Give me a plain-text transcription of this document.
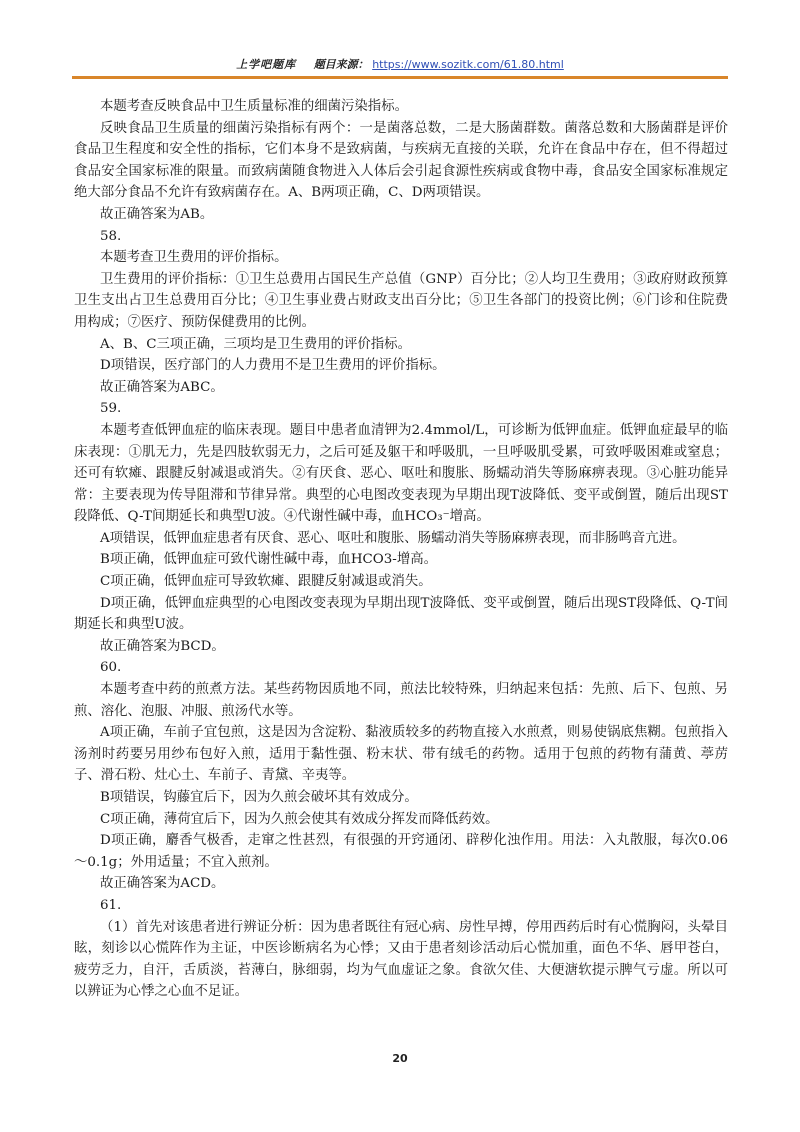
上学吧题库 题目来源： https://www.sozitk.com/61.80.html

本题考查反映食品中卫生质量标准的细菌污染指标。

反映食品卫生质量的细菌污染指标有两个：一是菌落总数，二是大肠菌群数。菌落总数和大肠菌群是评价食品卫生程度和安全性的指标，它们本身不是致病菌，与疾病无直接的关联，允许在食品中存在，但不得超过食品安全国家标准的限量。而致病菌随食物进入人体后会引起食源性疾病或食物中毒，食品安全国家标准规定绝大部分食品不允许有致病菌存在。A、B两项正确，C、D两项错误。

故正确答案为AB。

58.

本题考查卫生费用的评价指标。

卫生费用的评价指标：①卫生总费用占国民生产总值（GNP）百分比；②人均卫生费用；③政府财政预算卫生支出占卫生总费用百分比；④卫生事业费占财政支出百分比；⑤卫生各部门的投资比例；⑥门诊和住院费用构成；⑦医疗、预防保健费用的比例。

A、B、C三项正确，三项均是卫生费用的评价指标。

D项错误，医疗部门的人力费用不是卫生费用的评价指标。

故正确答案为ABC。

59.

本题考查低钾血症的临床表现。题目中患者血清钾为2.4mmol/L，可诊断为低钾血症。低钾血症最早的临床表现：①肌无力，先是四肢软弱无力，之后可延及躯干和呼吸肌，一旦呼吸肌受累，可致呼吸困难或窒息；还可有软瘫、跟腱反射减退或消失。②有厌食、恶心、呕吐和腹胀、肠蠕动消失等肠麻痹表现。③心脏功能异常：主要表现为传导阻滞和节律异常。典型的心电图改变表现为早期出现T波降低、变平或倒置，随后出现ST段降低、Q-T间期延长和典型U波。④代谢性碱中毒，血HCO₃⁻增高。

A项错误，低钾血症患者有厌食、恶心、呕吐和腹胀、肠蠕动消失等肠麻痹表现，而非肠鸣音亢进。

B项正确，低钾血症可致代谢性碱中毒，血HCO3-增高。

C项正确，低钾血症可导致软瘫、跟腱反射减退或消失。

D项正确，低钾血症典型的心电图改变表现为早期出现T波降低、变平或倒置，随后出现ST段降低、Q-T间期延长和典型U波。

故正确答案为BCD。

60.

本题考查中药的煎煮方法。某些药物因质地不同，煎法比较特殊，归纳起来包括：先煎、后下、包煎、另煎、溶化、泡服、冲服、煎汤代水等。

A项正确，车前子宜包煎，这是因为含淀粉、黏液质较多的药物直接入水煎煮，则易使锅底焦糊。包煎指入汤剂时药要另用纱布包好入煎，适用于黏性强、粉末状、带有绒毛的药物。适用于包煎的药物有蒲黄、葶苈子、滑石粉、灶心土、车前子、青黛、辛夷等。

B项错误，钩藤宜后下，因为久煎会破坏其有效成分。

C项正确，薄荷宜后下，因为久煎会使其有效成分挥发而降低药效。

D项正确，麝香气极香，走窜之性甚烈，有很强的开窍通闭、辟秽化浊作用。用法：入丸散服，每次0.06～0.1g；外用适量；不宜入煎剂。

故正确答案为ACD。

61.

（1）首先对该患者进行辨证分析：因为患者既往有冠心病、房性早搏，停用西药后时有心慌胸闷，头晕目眩，刻诊以心慌阵作为主证，中医诊断病名为心悸；又由于患者刻诊活动后心慌加重，面色不华、唇甲苍白，疲劳乏力，自汗，舌质淡，苔薄白，脉细弱，均为气血虚证之象。食欲欠佳、大便溏软提示脾气亏虚。所以可以辨证为心悸之心血不足证。

20
